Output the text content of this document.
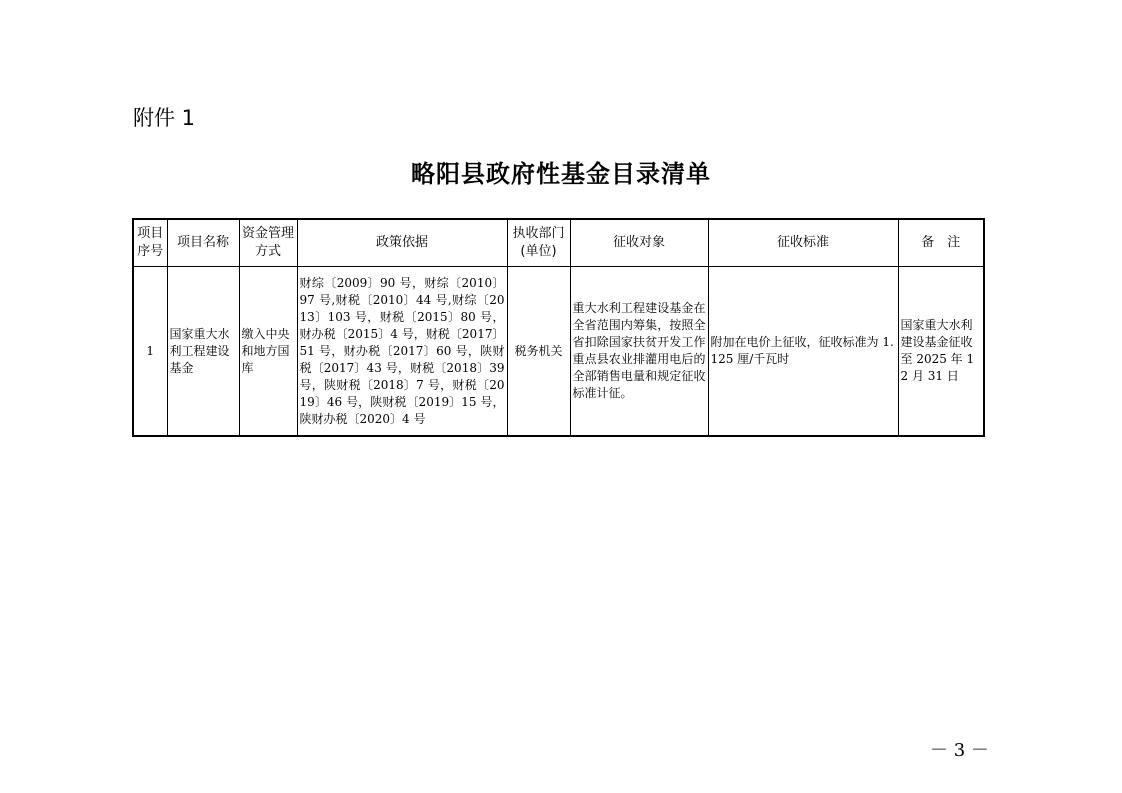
附件 1
略阳县政府性基金目录清单
项目序号	项目名称	资金管理方式	政策依据	执收部门(单位)	征收对象	征收标准	备　注
1	国家重大水利工程建设基金	缴入中央和地方国库	财综〔2009〕90 号，财综〔2010〕97 号,财税〔2010〕44 号,财综〔2013〕103 号，财税〔2015〕80 号，财办税〔2015〕4 号，财税〔2017〕51 号，财办税〔2017〕60 号，陕财税〔2017〕43 号，财税〔2018〕39 号，陕财税〔2018〕7 号，财税〔2019〕46 号，陕财税〔2019〕15 号，陕财办税〔2020〕4 号	税务机关	重大水利工程建设基金在全省范围内筹集，按照全省扣除国家扶贫开发工作重点县农业排灌用电后的全部销售电量和规定征收标准计征。	附加在电价上征收，征收标准为 1.125 厘/千瓦时	国家重大水利建设基金征收至 2025 年 12 月 31 日
－ 3 －
